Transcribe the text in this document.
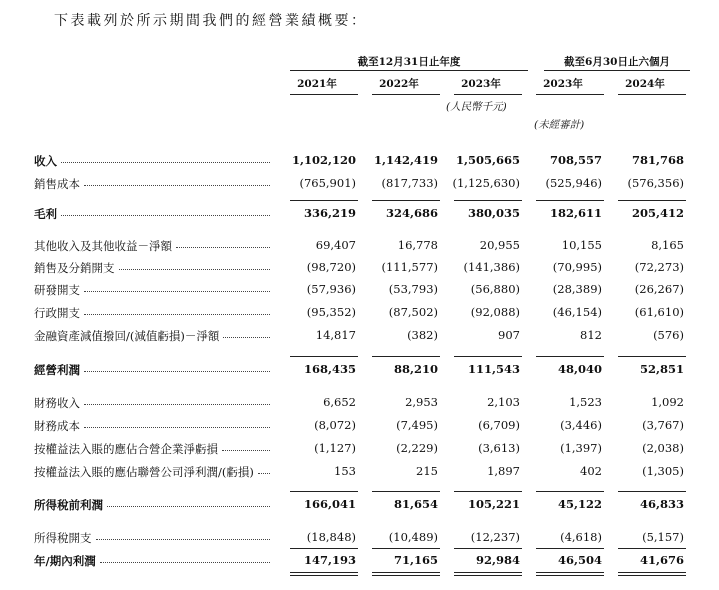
下表載列於所示期間我們的經營業績概要：
截至12月31日止年度	截至6月30日止六個月
2021年	2022年	2023年	2023年	2024年
(人民幣千元)
(未經審計)
收入	1,102,120 1,142,419 1,505,665	708,557	781,768
銷售成本	(765,901) (817,733) (1,125,630) (525,946) (576,356)
毛利	336,219	324,686	380,035	182,611	205,412
其他收入及其他收益－淨額	69,407	16,778	20,955	10,155	8,165
銷售及分銷開支	(98,720) (111,577) (141,386)	(70,995)	(72,273)
研發開支	(57,936)	(53,793)	(56,880)	(28,389)	(26,267)
行政開支	(95,352)	(87,502)	(92,088)	(46,154)	(61,610)
金融資產減值撥回/(減值虧損)－淨額	14,817	(382)	907	812	(576)
經營利潤	168,435	88,210	111,543	48,040	52,851
財務收入	6,652	2,953	2,103	1,523	1,092
財務成本	(8,072)	(7,495)	(6,709)	(3,446)	(3,767)
按權益法入賬的應佔合營企業淨虧損	(1,127)	(2,229)	(3,613)	(1,397)	(2,038)
按權益法入賬的應佔聯營公司淨利潤/(虧損)	153	215	1,897	402	(1,305)
所得稅前利潤	166,041	81,654	105,221	45,122	46,833
所得稅開支	(18,848)	(10,489)	(12,237)	(4,618)	(5,157)
年/期內利潤	147,193	71,165	92,984	46,504	41,676
